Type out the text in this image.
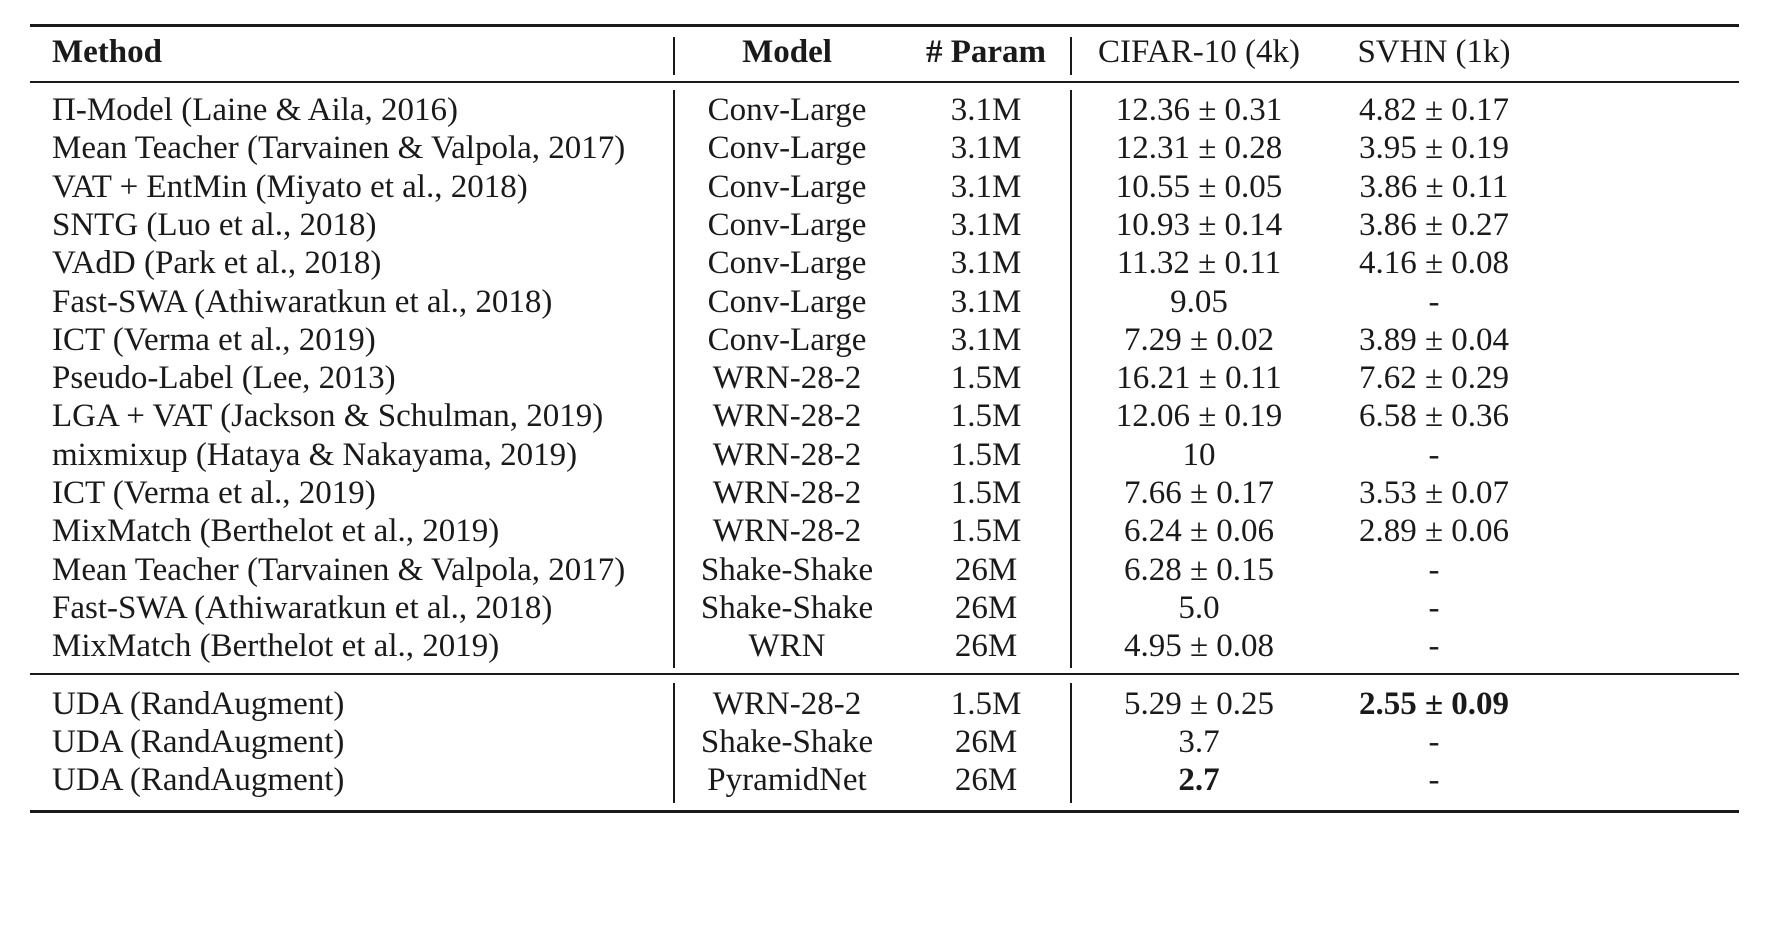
Method	Model	# Param	CIFAR-10 (4k)	SVHN (1k)
Π-Model (Laine & Aila, 2016)	Conv-Large	3.1M	12.36 ± 0.31	4.82 ± 0.17
Mean Teacher (Tarvainen & Valpola, 2017)	Conv-Large	3.1M	12.31 ± 0.28	3.95 ± 0.19
VAT + EntMin (Miyato et al., 2018)	Conv-Large	3.1M	10.55 ± 0.05	3.86 ± 0.11
SNTG (Luo et al., 2018)	Conv-Large	3.1M	10.93 ± 0.14	3.86 ± 0.27
VAdD (Park et al., 2018)	Conv-Large	3.1M	11.32 ± 0.11	4.16 ± 0.08
Fast-SWA (Athiwaratkun et al., 2018)	Conv-Large	3.1M	9.05	-
ICT (Verma et al., 2019)	Conv-Large	3.1M	7.29 ± 0.02	3.89 ± 0.04
Pseudo-Label (Lee, 2013)	WRN-28-2	1.5M	16.21 ± 0.11	7.62 ± 0.29
LGA + VAT (Jackson & Schulman, 2019)	WRN-28-2	1.5M	12.06 ± 0.19	6.58 ± 0.36
mixmixup (Hataya & Nakayama, 2019)	WRN-28-2	1.5M	10	-
ICT (Verma et al., 2019)	WRN-28-2	1.5M	7.66 ± 0.17	3.53 ± 0.07
MixMatch (Berthelot et al., 2019)	WRN-28-2	1.5M	6.24 ± 0.06	2.89 ± 0.06
Mean Teacher (Tarvainen & Valpola, 2017)	Shake-Shake	26M	6.28 ± 0.15	-
Fast-SWA (Athiwaratkun et al., 2018)	Shake-Shake	26M	5.0	-
MixMatch (Berthelot et al., 2019)	WRN	26M	4.95 ± 0.08	-
UDA (RandAugment)	WRN-28-2	1.5M	5.29 ± 0.25	2.55 ± 0.09
UDA (RandAugment)	Shake-Shake	26M	3.7	-
UDA (RandAugment)	PyramidNet	26M	2.7	-
